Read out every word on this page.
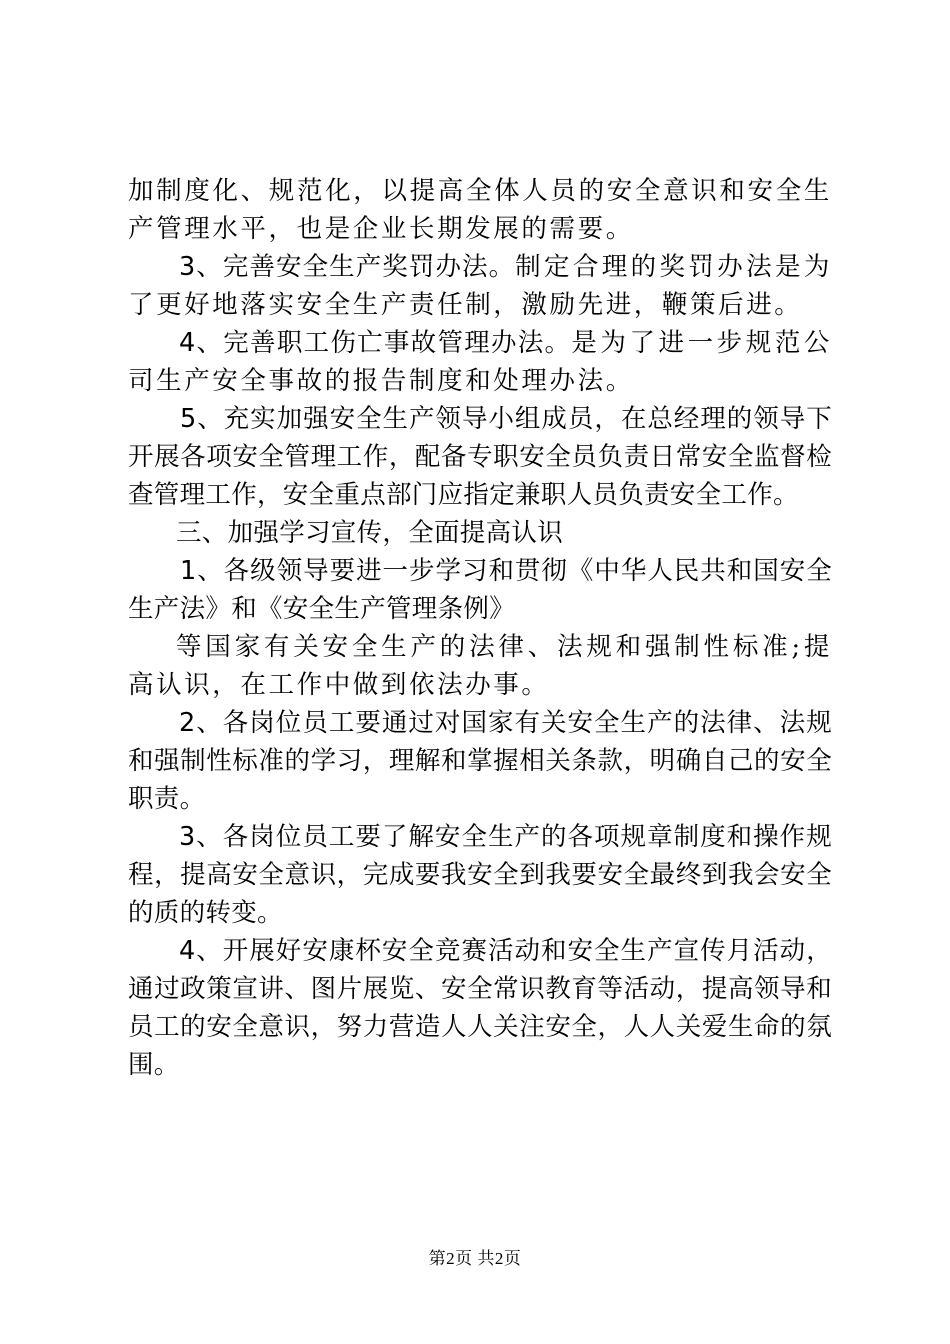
加制度化、规范化，以提高全体人员的安全意识和安全生产管理水平，也是企业长期发展的需要。

3、完善安全生产奖罚办法。制定合理的奖罚办法是为了更好地落实安全生产责任制，激励先进，鞭策后进。

4、完善职工伤亡事故管理办法。是为了进一步规范公司生产安全事故的报告制度和处理办法。

5、充实加强安全生产领导小组成员，在总经理的领导下开展各项安全管理工作，配备专职安全员负责日常安全监督检查管理工作，安全重点部门应指定兼职人员负责安全工作。

三、加强学习宣传，全面提高认识

1、各级领导要进一步学习和贯彻《中华人民共和国安全生产法》和《安全生产管理条例》

等国家有关安全生产的法律、法规和强制性标准;提高认识，在工作中做到依法办事。

2、各岗位员工要通过对国家有关安全生产的法律、法规和强制性标准的学习，理解和掌握相关条款，明确自己的安全职责。

3、各岗位员工要了解安全生产的各项规章制度和操作规程，提高安全意识，完成要我安全到我要安全最终到我会安全的质的转变。

4、开展好安康杯安全竞赛活动和安全生产宣传月活动，通过政策宣讲、图片展览、安全常识教育等活动，提高领导和员工的安全意识，努力营造人人关注安全，人人关爱生命的氛围。

第2页 共2页
